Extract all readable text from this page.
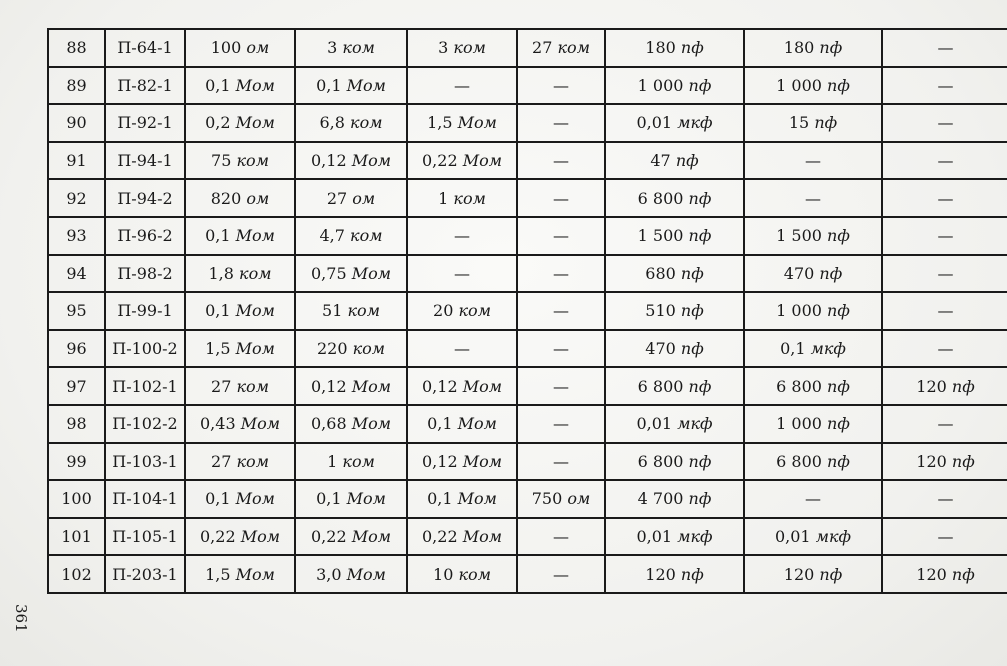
88	П-64-1	100 ом	3 ком	3 ком	27 ком	180 пф	180 пф	—
89	П-82-1	0,1 Мом	0,1 Мом	—	—	1 000 пф	1 000 пф	—
90	П-92-1	0,2 Мом	6,8 ком	1,5 Мом	—	0,01 мкф	15 пф	—
91	П-94-1	75 ком	0,12 Мом	0,22 Мом	—	47 пф	—	—
92	П-94-2	820 ом	27 ом	1 ком	—	6 800 пф	—	—
93	П-96-2	0,1 Мом	4,7 ком	—	—	1 500 пф	1 500 пф	—
94	П-98-2	1,8 ком	0,75 Мом	—	—	680 пф	470 пф	—
95	П-99-1	0,1 Мом	51 ком	20 ком	—	510 пф	1 000 пф	—
96	П-100-2	1,5 Мом	220 ком	—	—	470 пф	0,1 мкф	—
97	П-102-1	27 ком	0,12 Мом	0,12 Мом	—	6 800 пф	6 800 пф	120 пф
98	П-102-2	0,43 Мом	0,68 Мом	0,1 Мом	—	0,01 мкф	1 000 пф	—
99	П-103-1	27 ком	1 ком	0,12 Мом	—	6 800 пф	6 800 пф	120 пф
100	П-104-1	0,1 Мом	0,1 Мом	0,1 Мом	750 ом	4 700 пф	—	—
101	П-105-1	0,22 Мом	0,22 Мом	0,22 Мом	—	0,01 мкф	0,01 мкф	—
102	П-203-1	1,5 Мом	3,0 Мом	10 ком	—	120 пф	120 пф	120 пф
361
